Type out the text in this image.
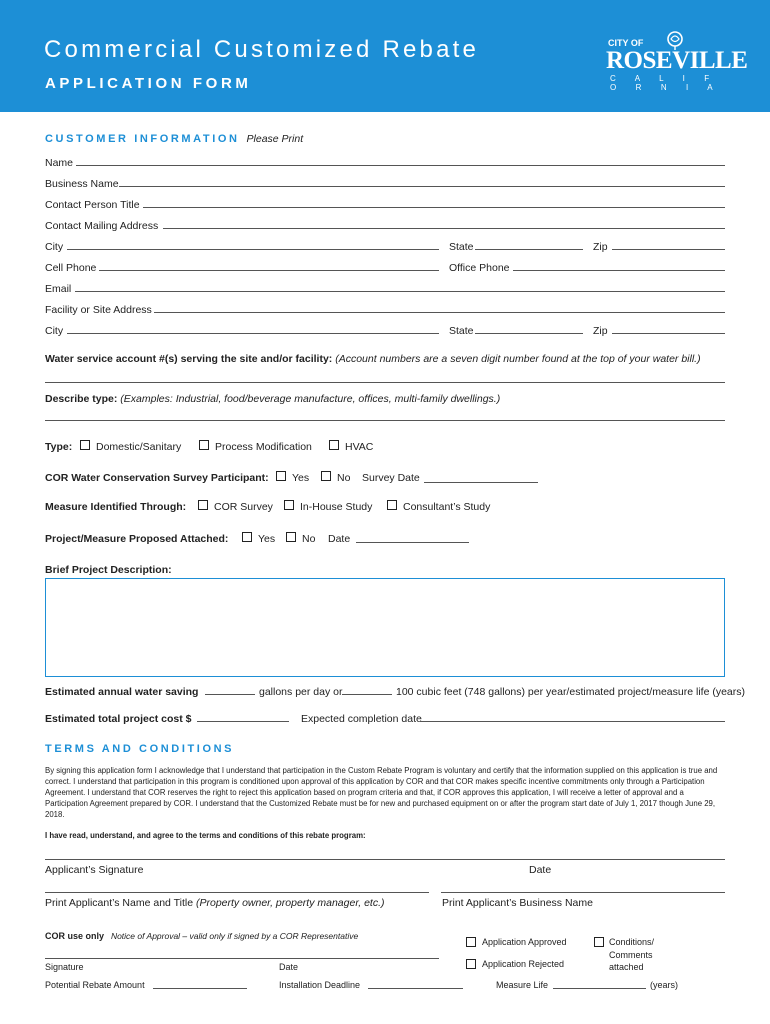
Commercial Customized Rebate
APPLICATION FORM
CITY OF
ROSEVILLE
C A L I F O R N I A
CUSTOMER INFORMATION Please Print
Name
Business Name
Contact Person Title
Contact Mailing Address
City	State	Zip
Cell Phone	Office Phone
Email
Facility or Site Address
City	State	Zip
Water service account #(s) serving the site and/or facility: (Account numbers are a seven digit number found at the top of your water bill.)
Describe type: (Examples: Industrial, food/beverage manufacture, offices, multi-family dwellings.)
Type: Domestic/Sanitary	Process Modification	HVAC
COR Water Conservation Survey Participant: Yes	No Survey Date
Measure Identified Through:	COR Survey	In-House Study	Consultant’s Study
Project/Measure Proposed Attached:	Yes	No Date
Brief Project Description:
Estimated annual water saving	gallons per day or	100 cubic feet (748 gallons) per year/estimated project/measure life (years)
Estimated total project cost $	Expected completion date
TERMS AND CONDITIONS
By signing this application form I acknowledge that I understand that participation in the Custom Rebate Program is voluntary and certify that the information supplied on this application is true and correct. I understand that participation in this program is conditioned upon approval of this application by COR and that COR makes specific incentive commitments only through a Participation Agreement. I understand that COR reserves the right to reject this application based on program criteria and that, if COR approves this application, I will receive a letter of approval and a Participation Agreement prepared by COR. I understand that the Customized Rebate must be for new and purchased equipment on or after the program start date of July 1, 2017 though June 29, 2018.
I have read, understand, and agree to the terms and conditions of this rebate program:
Applicant’s Signature	Date
Print Applicant’s Name and Title (Property owner, property manager, etc.)	Print Applicant’s Business Name
COR use only Notice of Approval – valid only if signed by a COR Representative
Application Approved	Conditions/
Comments
attached
Application Rejected
Signature	Date
Potential Rebate Amount	Installation Deadline	Measure Life	(years)
